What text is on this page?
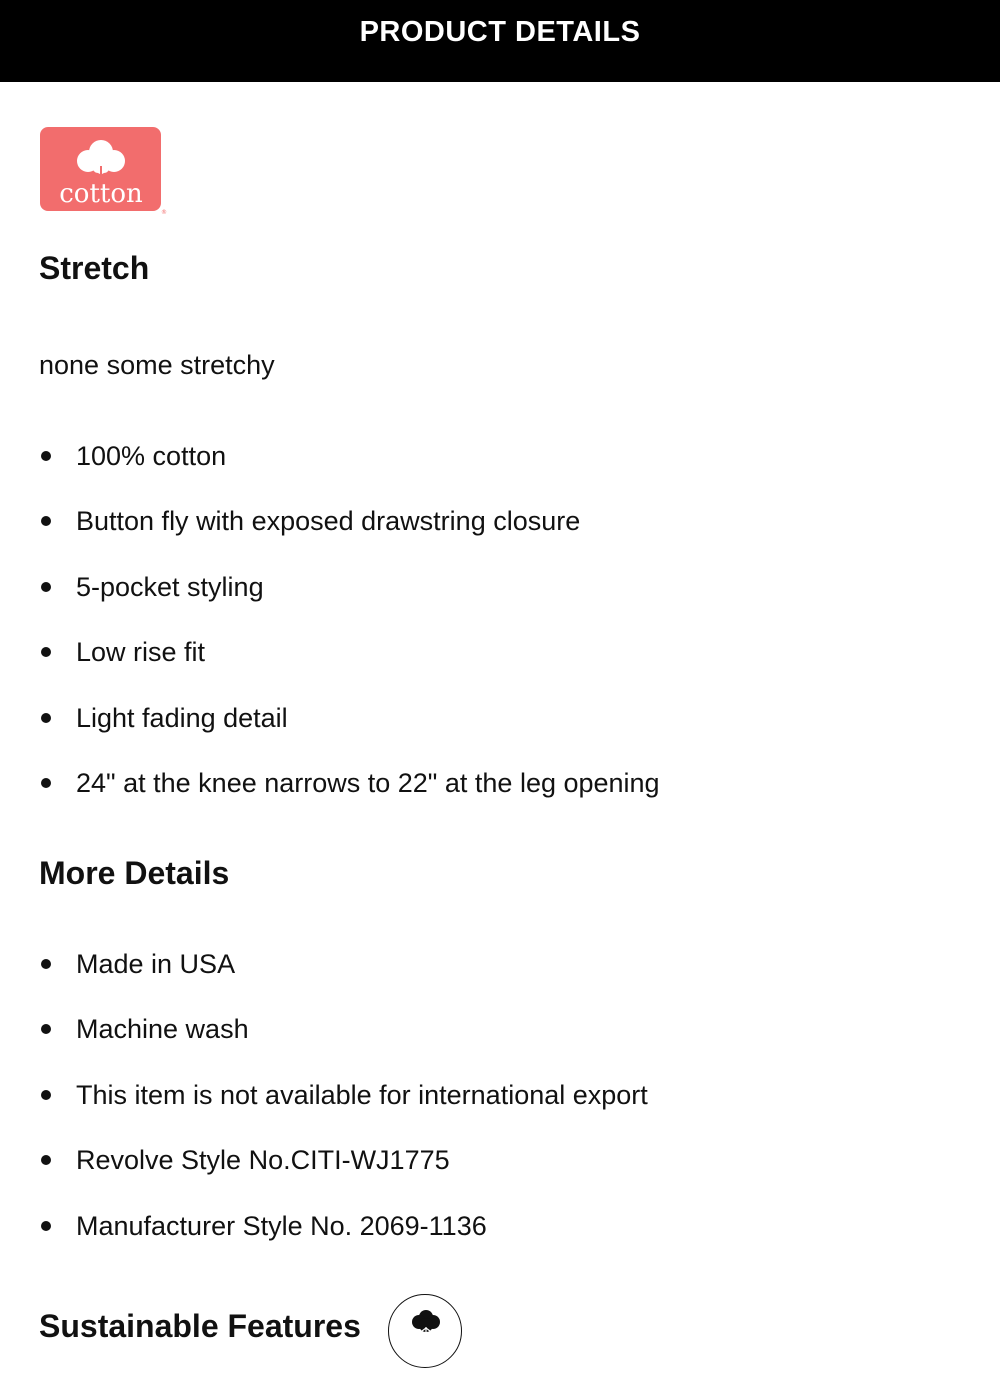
PRODUCT DETAILS
cotton
®
Stretch
none some stretchy
100% cotton
Button fly with exposed drawstring closure
5-pocket styling
Low rise fit
Light fading detail
24" at the knee narrows to 22" at the leg opening
More Details
Made in USA
Machine wash
This item is not available for international export
Revolve Style No.CITI-WJ1775
Manufacturer Style No. 2069-1136
Sustainable Features
